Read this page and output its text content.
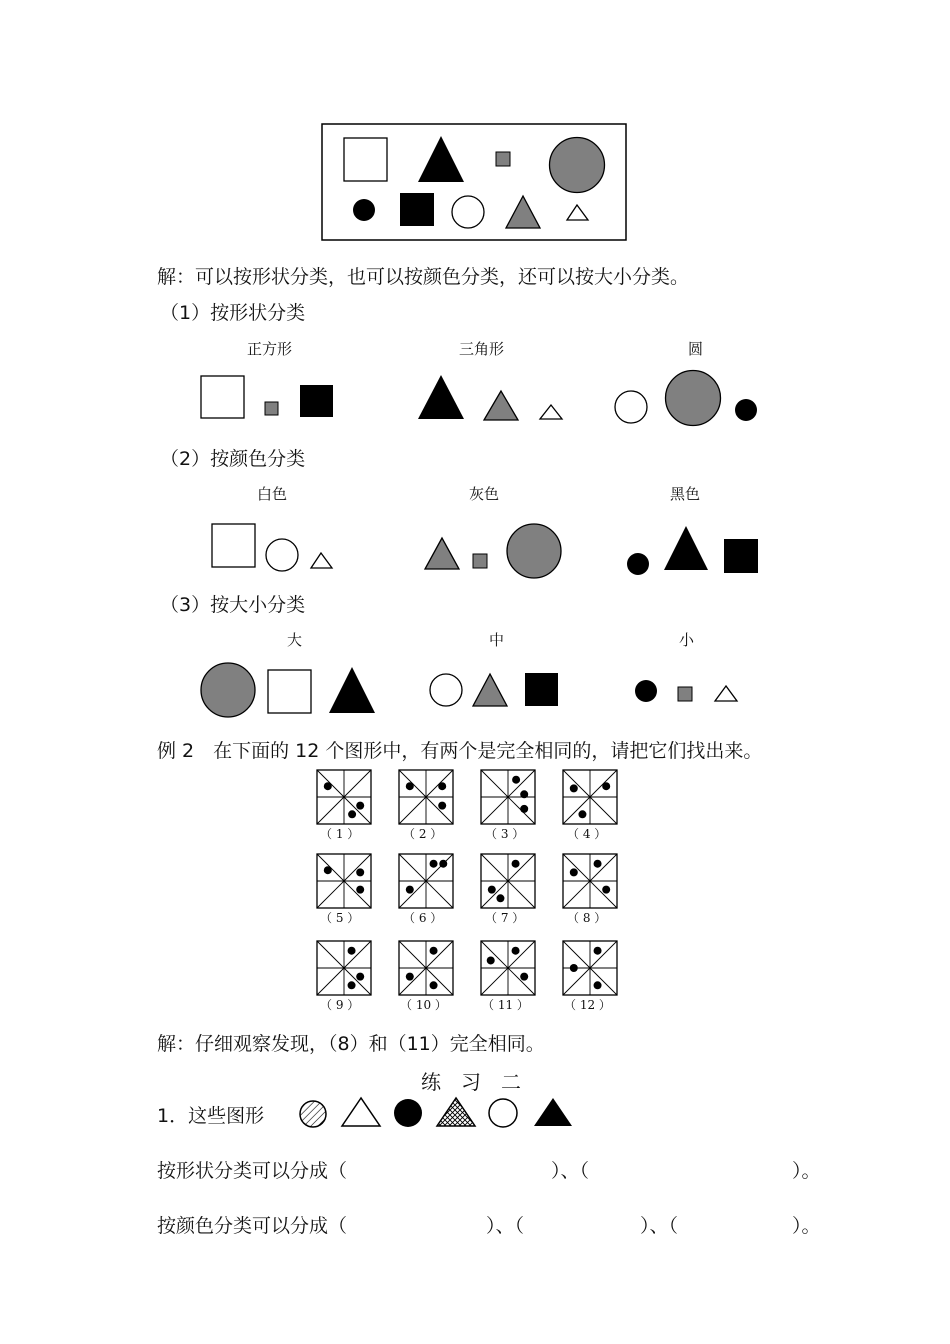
解：可以按形状分类，也可以按颜色分类，还可以按大小分类。
（1）按形状分类
正方形	三角形	圆
（2）按颜色分类
白色	灰色	黑色
（3）按大小分类
大	中	小
例 2　在下面的 12 个图形中，有两个是完全相同的，请把它们找出来。
（ 1 ）	（ 2 ）	（ 3 ）	（ 4 ）
（ 5 ）	（ 6 ）	（ 7 ）	（ 8 ）
（ 9 ）	（ 10 ）	（ 11 ）	（ 12 ）
解：仔细观察发现，（8）和（11）完全相同。
练　习　二
1．这些图形
按形状分类可以分成（	）、（	）。
按颜色分类可以分成（	）、（	）、（	）。
